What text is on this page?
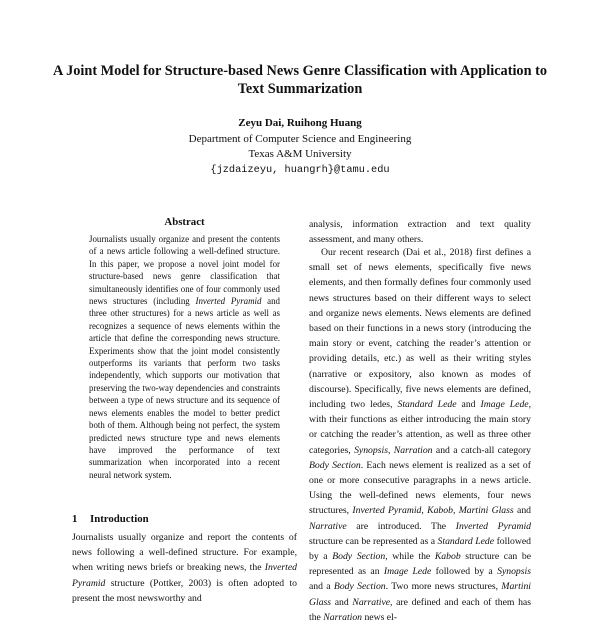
A Joint Model for Structure-based News Genre Classification with Application to Text Summarization
Zeyu Dai, Ruihong Huang
Department of Computer Science and Engineering
Texas A&M University
{jzdaizeyu, huangrh}@tamu.edu
Abstract
Journalists usually organize and present the contents of a news article following a well-defined structure. In this paper, we propose a novel joint model for structure-based news genre classification that simultaneously identifies one of four commonly used news structures (including Inverted Pyramid and three other structures) for a news article as well as recognizes a sequence of news elements within the article that define the corresponding news structure. Experiments show that the joint model consistently outperforms its variants that perform two tasks independently, which supports our motivation that preserving the two-way dependencies and constraints between a type of news structure and its sequence of news elements enables the model to better predict both of them. Although being not perfect, the system predicted news structure type and news elements have improved the performance of text summarization when incorporated into a recent neural network system.
1 Introduction
Journalists usually organize and report the contents of news following a well-defined structure. For example, when writing news briefs or breaking news, the Inverted Pyramid structure (Pottker, 2003) is often adopted to present the most newsworthy and

analysis, information extraction and text quality assessment, and many others.

Our recent research (Dai et al., 2018) first defines a small set of news elements, specifically five news elements, and then formally defines four commonly used news structures based on their different ways to select and organize news elements. News elements are defined based on their functions in a news story (introducing the main story or event, catching the reader’s attention or providing details, etc.) as well as their writing styles (narrative or expository, also known as modes of discourse). Specifically, five news elements are defined, including two ledes, Standard Lede and Image Lede, with their functions as either introducing the main story or catching the reader’s attention, as well as three other categories, Synopsis, Narration and a catch-all category Body Section. Each news element is realized as a set of one or more consecutive paragraphs in a news article. Using the well-defined news elements, four news structures, Inverted Pyramid, Kabob, Martini Glass and Narrative are introduced. The Inverted Pyramid structure can be represented as a Standard Lede followed by a Body Section, while the Kabob structure can be represented as an Image Lede followed by a Synopsis and a Body Section. Two more news structures, Martini Glass and Narrative, are defined and each of them has the Narration news el-
